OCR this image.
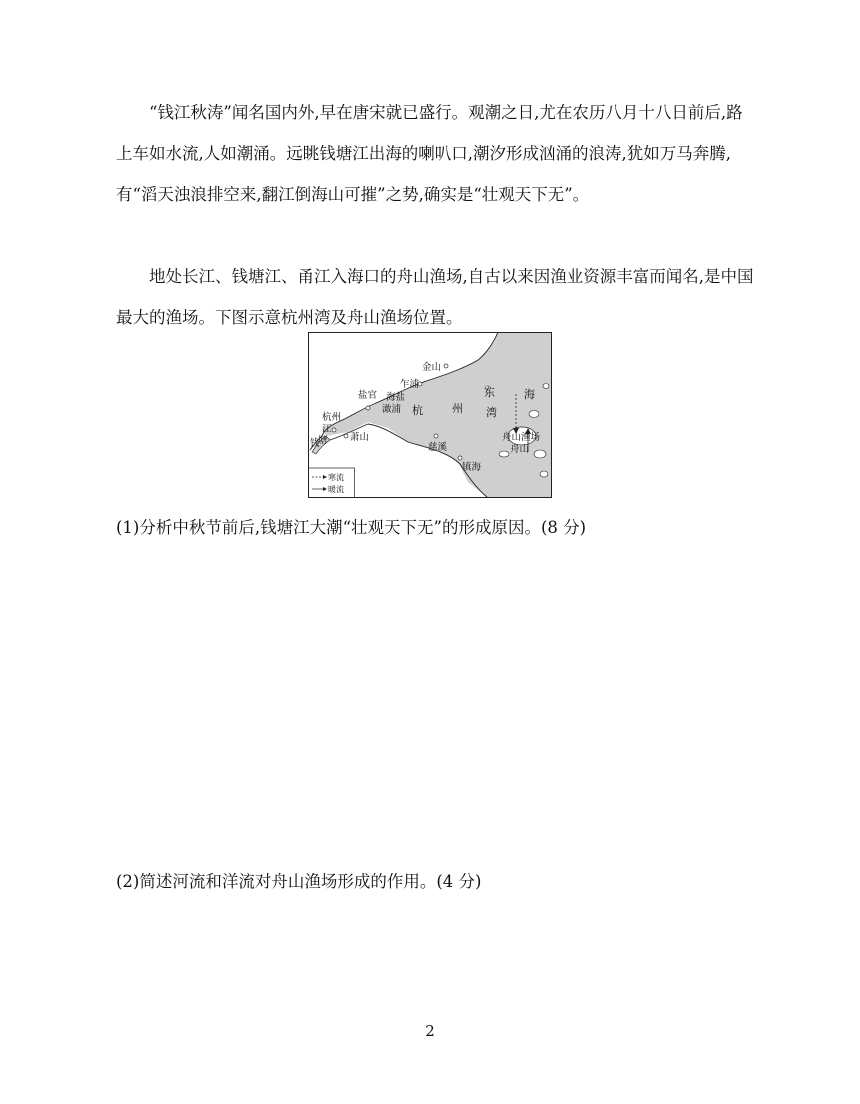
“钱江秋涛”闻名国内外,早在唐宋就已盛行。观潮之日,尤在农历八月十八日前后,路上车如水流,人如潮涌。远眺钱塘江出海的喇叭口,潮汐形成汹涌的浪涛,犹如万马奔腾,有“滔天浊浪排空来,翻江倒海山可摧”之势,确实是“壮观天下无”。

地处长江、钱塘江、甬江入海口的舟山渔场,自古以来因渔业资源丰富而闻名,是中国最大的渔场。下图示意杭州湾及舟山渔场位置。

金山
乍浦
盐官 海盐
澉浦 杭	州 湾
东	海
杭州
江
塘
钱
萧山
慈溪
镇海
舟山渔场
舟山
寒流
暖流

(1)分析中秋节前后,钱塘江大潮“壮观天下无”的形成原因。(8 分)

(2)简述河流和洋流对舟山渔场形成的作用。(4 分)

2
